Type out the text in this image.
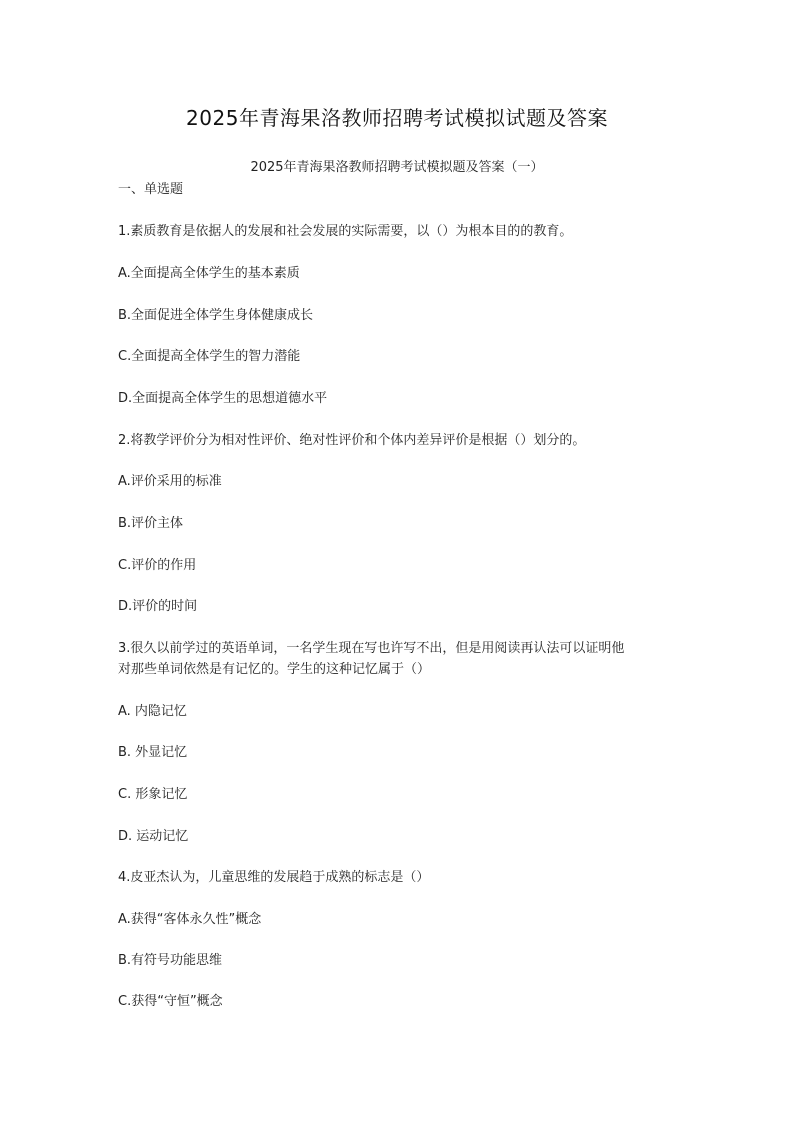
2025年青海果洛教师招聘考试模拟试题及答案
2025年青海果洛教师招聘考试模拟题及答案（一）
一、单选题
1.素质教育是依据人的发展和社会发展的实际需要，以（）为根本目的的教育。
A.全面提高全体学生的基本素质
B.全面促进全体学生身体健康成长
C.全面提高全体学生的智力潜能
D.全面提高全体学生的思想道德水平
2.将教学评价分为相对性评价、绝对性评价和个体内差异评价是根据（）划分的。
A.评价采用的标准
B.评价主体
C.评价的作用
D.评价的时间
3.很久以前学过的英语单词，一名学生现在写也许写不出，但是用阅读再认法可以证明他
对那些单词依然是有记忆的。学生的这种记忆属于（）
A. 内隐记忆
B. 外显记忆
C. 形象记忆
D. 运动记忆
4.皮亚杰认为，儿童思维的发展趋于成熟的标志是（）
A.获得“客体永久性”概念
B.有符号功能思维
C.获得“守恒”概念
